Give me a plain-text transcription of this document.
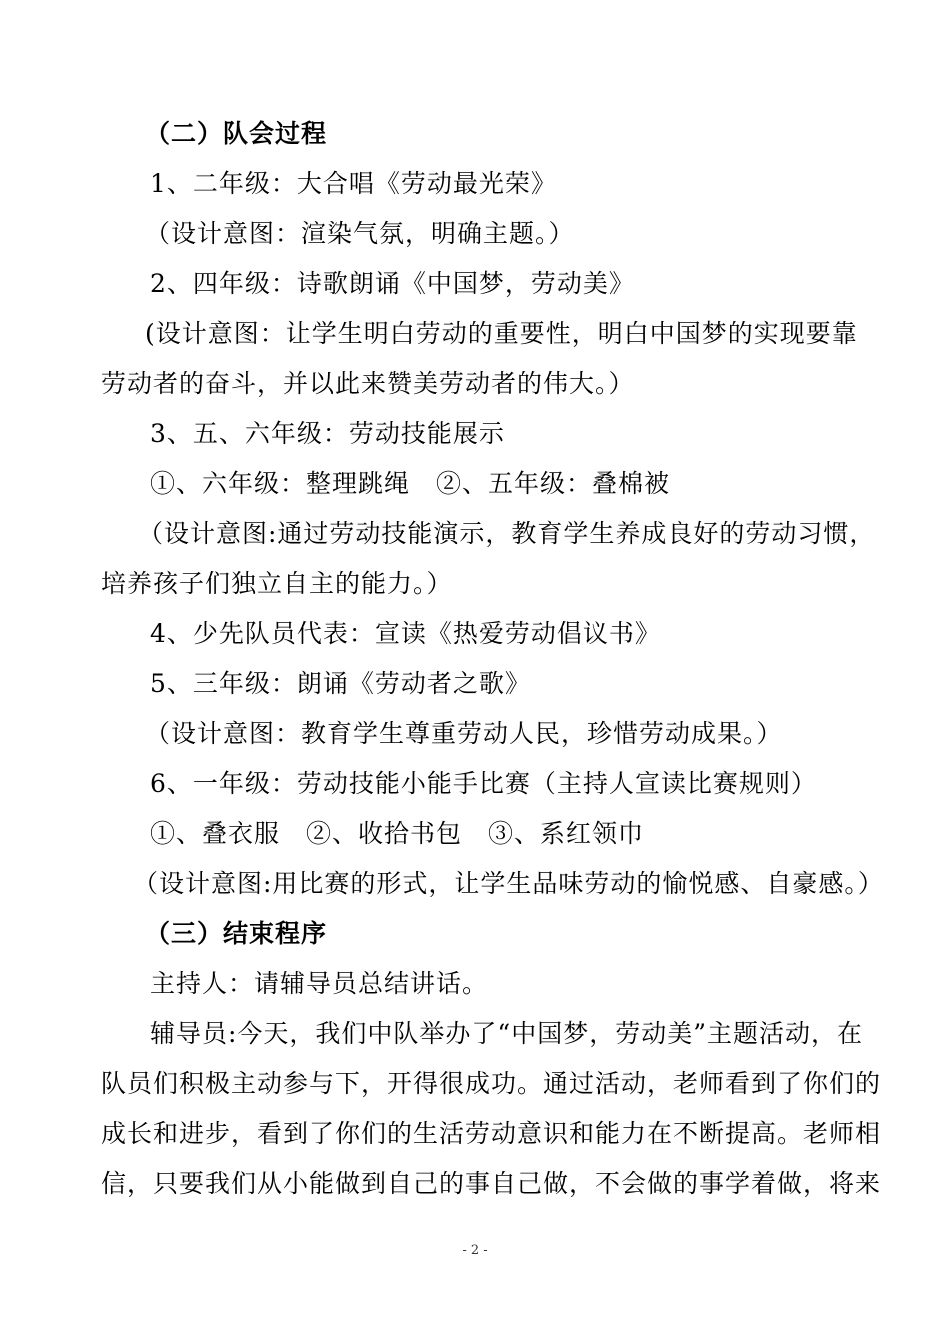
（二）队会过程
1、二年级：大合唱《劳动最光荣》
（设计意图：渲染气氛，明确主题。）
2、四年级：诗歌朗诵《中国梦，劳动美》
(设计意图：让学生明白劳动的重要性，明白中国梦的实现要靠
劳动者的奋斗，并以此来赞美劳动者的伟大。）
3、五、六年级：劳动技能展示
①、六年级：整理跳绳　②、五年级：叠棉被
（设计意图:通过劳动技能演示，教育学生养成良好的劳动习惯，
培养孩子们独立自主的能力。）
4、少先队员代表：宣读《热爱劳动倡议书》
5、三年级：朗诵《劳动者之歌》
（设计意图：教育学生尊重劳动人民，珍惜劳动成果。）
6、一年级：劳动技能小能手比赛（主持人宣读比赛规则）
①、叠衣服　②、收拾书包　③、系红领巾
（设计意图:用比赛的形式，让学生品味劳动的愉悦感、自豪感。）
（三）结束程序
主持人：请辅导员总结讲话。
辅导员:今天，我们中队举办了“中国梦，劳动美”主题活动，在
队员们积极主动参与下，开得很成功。通过活动，老师看到了你们的
成长和进步，看到了你们的生活劳动意识和能力在不断提高。老师相
信，只要我们从小能做到自己的事自己做，不会做的事学着做，将来
- 2 -
